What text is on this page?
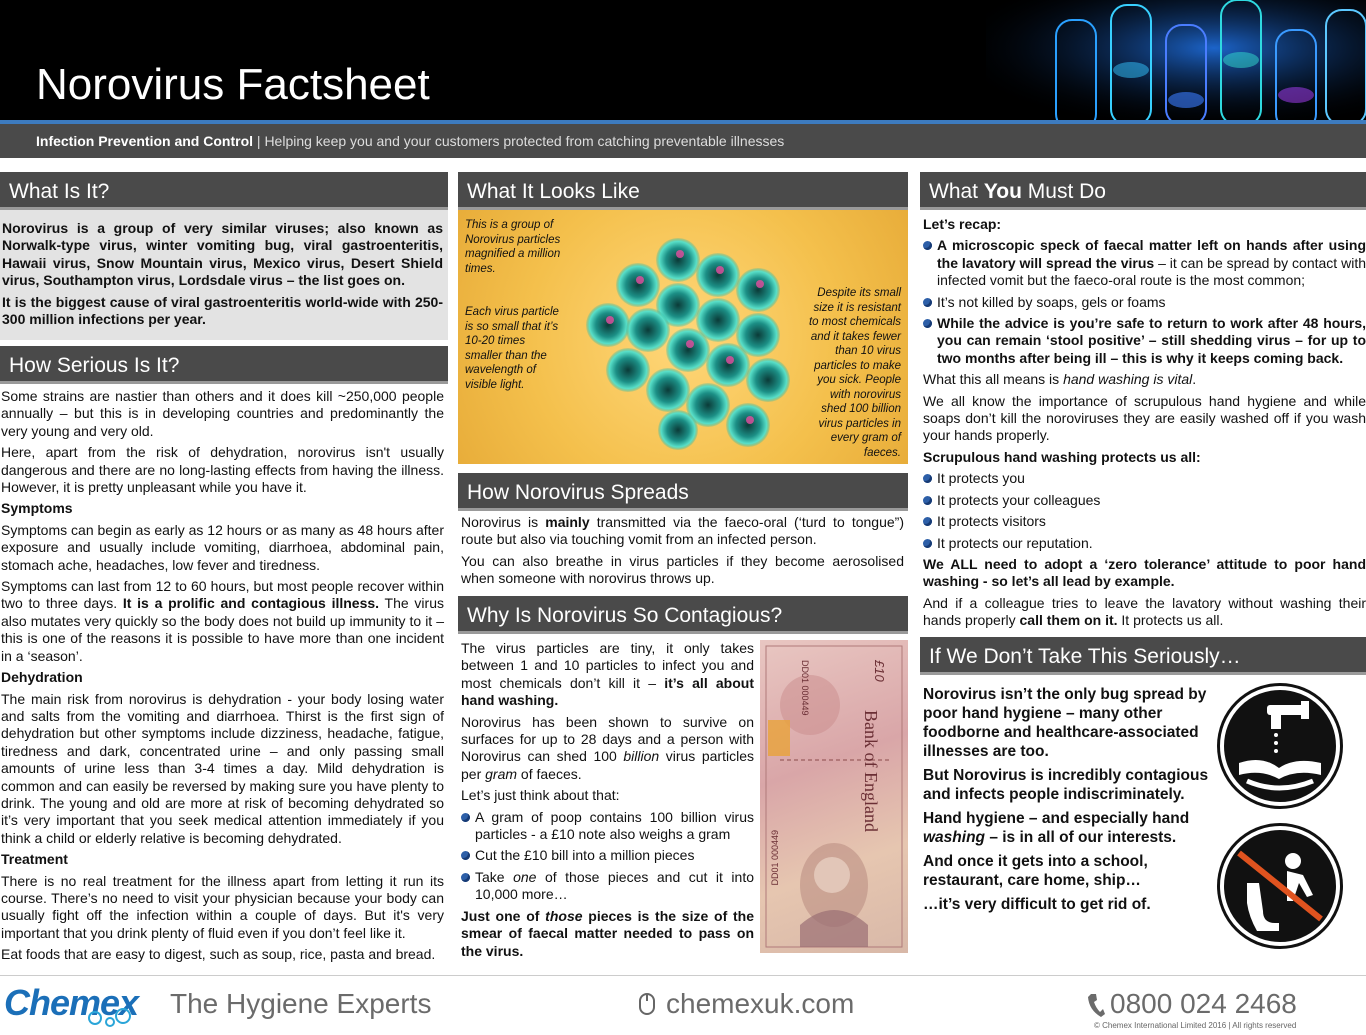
Norovirus Factsheet

Infection Prevention and Control | Helping keep you and your customers protected from catching preventable illnesses

What Is It?

Norovirus is a group of very similar viruses; also known as Norwalk-type virus, winter vomiting bug, viral gastroenteritis, Hawaii virus, Snow Mountain virus, Mexico virus, Desert Shield virus, Southampton virus, Lordsdale virus – the list goes on.

It is the biggest cause of viral gastroenteritis world-wide with 250-300 million infections per year.

How Serious Is It?

Some strains are nastier than others and it does kill ~250,000 people annually – but this is in developing countries and predominantly the very young and very old.

Here, apart from the risk of dehydration, norovirus isn't usually dangerous and there are no long-lasting effects from having the illness. However, it is pretty unpleasant while you have it.

Symptoms

Symptoms can begin as early as 12 hours or as many as 48 hours after exposure and usually include vomiting, diarrhoea, abdominal pain, stomach ache, headaches, low fever and tiredness.

Symptoms can last from 12 to 60 hours, but most people recover within two to three days. It is a prolific and contagious illness. The virus also mutates very quickly so the body does not build up immunity to it – this is one of the reasons it is possible to have more than one incident in a ‘season’.

Dehydration

The main risk from norovirus is dehydration - your body losing water and salts from the vomiting and diarrhoea. Thirst is the first sign of dehydration but other symptoms include dizziness, headache, fatigue, tiredness and dark, concentrated urine – and only passing small amounts of urine less than 3-4 times a day. Mild dehydration is common and can easily be reversed by making sure you have plenty to drink. The young and old are more at risk of becoming dehydrated so it’s very important that you seek medical attention immediately if you think a child or elderly relative is becoming dehydrated.

Treatment

There is no real treatment for the illness apart from letting it run its course. There’s no need to visit your physician because your body can usually fight off the infection within a couple of days. But it's very important that you drink plenty of fluid even if you don’t feel like it.

Eat foods that are easy to digest, such as soup, rice, pasta and bread.

What It Looks Like
This is a group of Norovirus particles magnified a million times.
Each virus particle is so small that it’s 10-20 times smaller than the wavelength of visible light.
Despite its small size it is resistant to most chemicals and it takes fewer than 10 virus particles to make you sick. People with norovirus shed 100 billion virus particles in every gram of faeces.
How Norovirus Spreads

Norovirus is mainly transmitted via the faeco-oral (‘turd to tongue”) route but also via touching vomit from an infected person.

You can also breathe in virus particles if they become aerosolised when someone with norovirus throws up.

Why Is Norovirus So Contagious?

The virus particles are tiny, it only takes between 1 and 10 particles to infect you and most chemicals don’t kill it – it’s all about hand washing.

Norovirus has been shown to survive on surfaces for up to 28 days and a person with Norovirus can shed 100 billion virus particles per gram of faeces.

Let’s just think about that:

A gram of poop contains 100 billion virus particles - a £10 note also weighs a gram
Cut the £10 bill into a million pieces
Take one of those pieces and cut it into 10,000 more…

Just one of those pieces is the size of the smear of faecal matter needed to pass on the virus.

£10
Bank of England
DD01 000449
DD01 000449
What You Must Do

Let’s recap:

A microscopic speck of faecal matter left on hands after using the lavatory will spread the virus – it can be spread by contact with infected vomit but the faeco-oral route is the most common;
It’s not killed by soaps, gels or foams
While the advice is you’re safe to return to work after 48 hours, you can remain ‘stool positive’ – still shedding virus – for up to two months after being ill – this is why it keeps coming back.

What this all means is hand washing is vital.

We all know the importance of scrupulous hand hygiene and while soaps don’t kill the noroviruses they are easily washed off if you wash your hands properly.

Scrupulous hand washing protects us all:

It protects you
It protects your colleagues
It protects visitors
It protects our reputation.

We ALL need to adopt a ‘zero tolerance’ attitude to poor hand washing - so let’s all lead by example.

And if a colleague tries to leave the lavatory without washing their hands properly call them on it. It protects us all.

If We Don’t Take This Seriously…

Norovirus isn’t the only bug spread by poor hand hygiene – many other foodborne and healthcare-associated illnesses are too.

But Norovirus is incredibly contagious and infects people indiscriminately.

Hand hygiene – and especially hand washing – is in all of our interests.

And once it gets into a school, restaurant, care home, ship…

…it’s very difficult to get rid of.

Chemex The Hygiene Experts	chemexuk.com	0800 024 2468
© Chemex International Limited 2016 | All rights reserved
